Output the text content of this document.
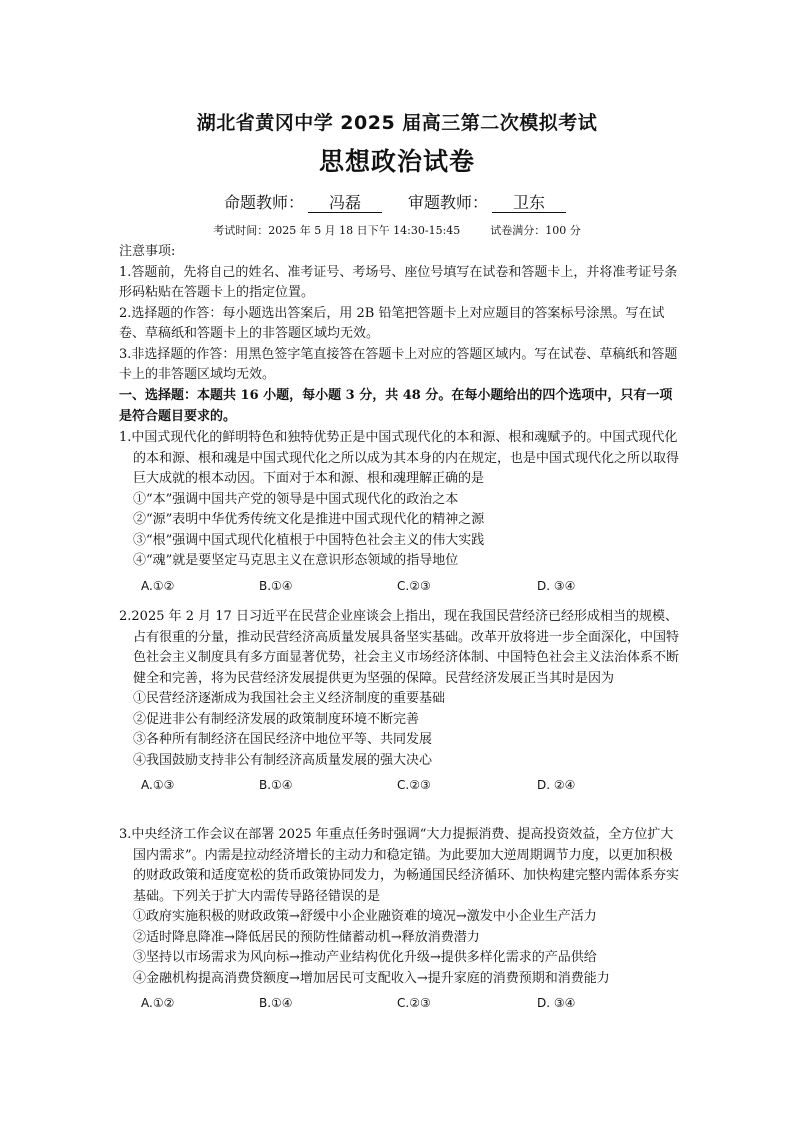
湖北省黄冈中学 2025 届高三第二次模拟考试
思想政治试卷
命题教师： 冯磊	审题教师： 卫东
考试时间：2025 年 5 月 18 日下午 14:30-15:45	试卷满分：100 分

注意事项:

1.答题前，先将自己的姓名、准考证号、考场号、座位号填写在试卷和答题卡上，并将准考证号条形码粘贴在答题卡上的指定位置。

2.选择题的作答：每小题选出答案后，用 2B 铅笔把答题卡上对应题目的答案标号涂黑。写在试卷、草稿纸和答题卡上的非答题区域均无效。

3.非选择题的作答：用黑色签字笔直接答在答题卡上对应的答题区域内。写在试卷、草稿纸和答题卡上的非答题区域均无效。

一、选择题：本题共 16 小题，每小题 3 分，共 48 分。在每小题给出的四个选项中，只有一项是符合题目要求的。

1.中国式现代化的鲜明特色和独特优势正是中国式现代化的本和源、根和魂赋予的。中国式现代化的本和源、根和魂是中国式现代化之所以成为其本身的内在规定，也是中国式现代化之所以取得巨大成就的根本动因。下面对于本和源、根和魂理解正确的是

①“本”强调中国共产党的领导是中国式现代化的政治之本

②“源”表明中华优秀传统文化是推进中国式现代化的精神之源

③“根”强调中国式现代化植根于中国特色社会主义的伟大实践

④“魂”就是要坚定马克思主义在意识形态领域的指导地位

A.①②	B.①④	C.②③	D. ③④

2.2025 年 2 月 17 日习近平在民营企业座谈会上指出，现在我国民营经济已经形成相当的规模、占有很重的分量，推动民营经济高质量发展具备坚实基础。改革开放将进一步全面深化，中国特色社会主义制度具有多方面显著优势，社会主义市场经济体制、中国特色社会主义法治体系不断健全和完善，将为民营经济发展提供更为坚强的保障。民营经济发展正当其时是因为

①民营经济逐渐成为我国社会主义经济制度的重要基础

②促进非公有制经济发展的政策制度环境不断完善

③各种所有制经济在国民经济中地位平等、共同发展

④我国鼓励支持非公有制经济高质量发展的强大决心

A.①③	B.①④	C.②③	D. ②④

3.中央经济工作会议在部署 2025 年重点任务时强调“大力提振消费、提高投资效益，全方位扩大国内需求”。内需是拉动经济增长的主动力和稳定锚。为此要加大逆周期调节力度，以更加积极的财政政策和适度宽松的货币政策协同发力，为畅通国民经济循环、加快构建完整内需体系夯实基础。下列关于扩大内需传导路径错误的是

①政府实施积极的财政政策→舒缓中小企业融资难的境况→激发中小企业生产活力

②适时降息降准→降低居民的预防性储蓄动机→释放消费潜力

③坚持以市场需求为风向标→推动产业结构优化升级→提供多样化需求的产品供给

④金融机构提高消费贷额度→增加居民可支配收入→提升家庭的消费预期和消费能力

A.①②	B.①④	C.②③	D. ③④
